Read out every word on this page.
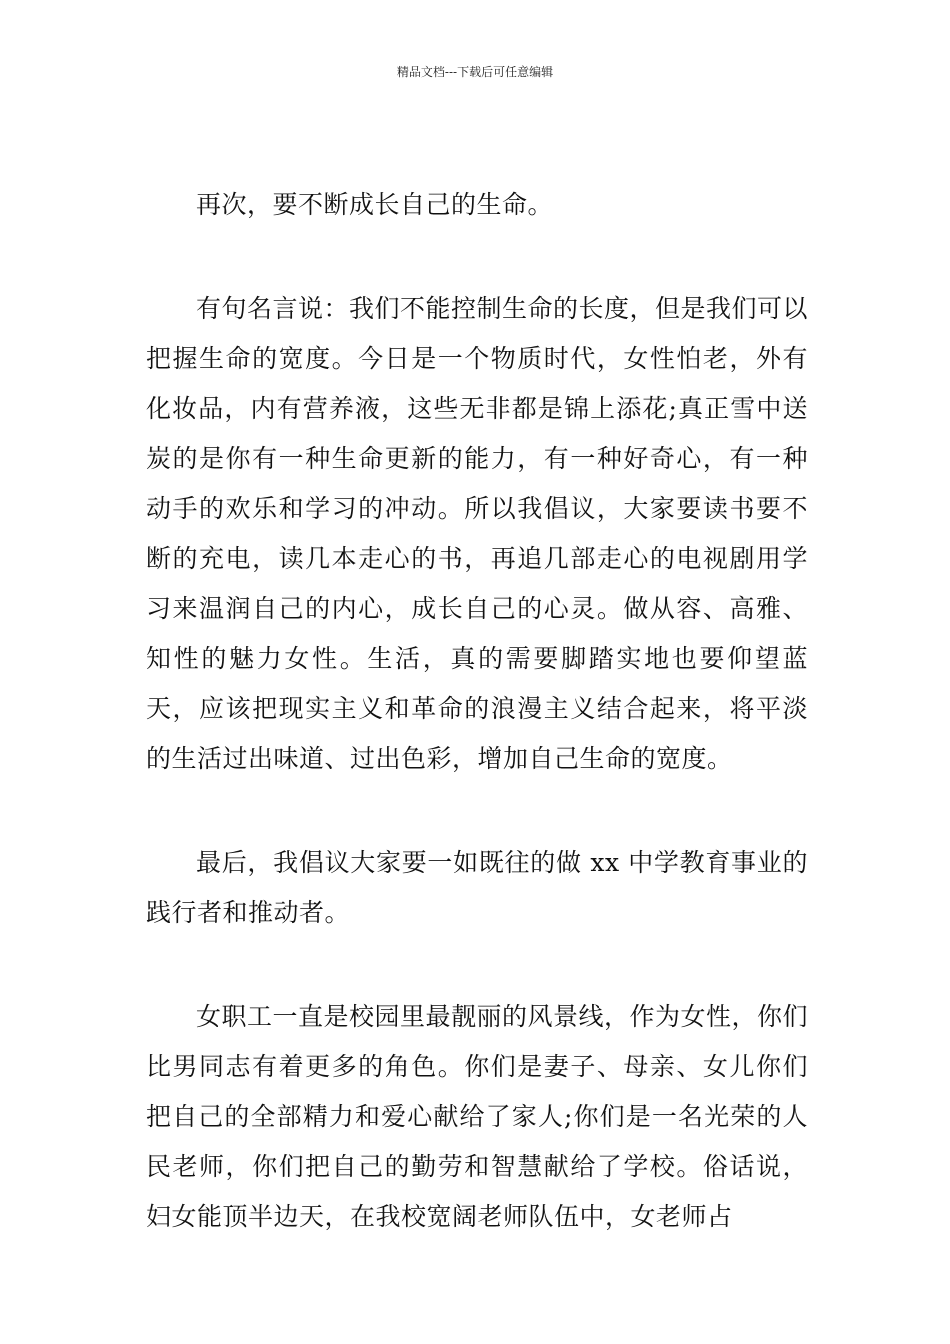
精品文档---下载后可任意编辑

再次，要不断成长自己的生命。

有句名言说：我们不能控制生命的长度，但是我们可以把握生命的宽度。今日是一个物质时代，女性怕老，外有化妆品，内有营养液，这些无非都是锦上添花;真正雪中送炭的是你有一种生命更新的能力，有一种好奇心，有一种动手的欢乐和学习的冲动。所以我倡议，大家要读书要不断的充电，读几本走心的书，再追几部走心的电视剧用学习来温润自己的内心，成长自己的心灵。做从容、高雅、知性的魅力女性。生活，真的需要脚踏实地也要仰望蓝天，应该把现实主义和革命的浪漫主义结合起来，将平淡的生活过出味道、过出色彩，增加自己生命的宽度。

最后，我倡议大家要一如既往的做 xx 中学教育事业的践行者和推动者。

女职工一直是校园里最靓丽的风景线，作为女性，你们比男同志有着更多的角色。你们是妻子、母亲、女儿你们把自己的全部精力和爱心献给了家人;你们是一名光荣的人民老师，你们把自己的勤劳和智慧献给了学校。俗话说，妇女能顶半边天，在我校宽阔老师队伍中，女老师占
